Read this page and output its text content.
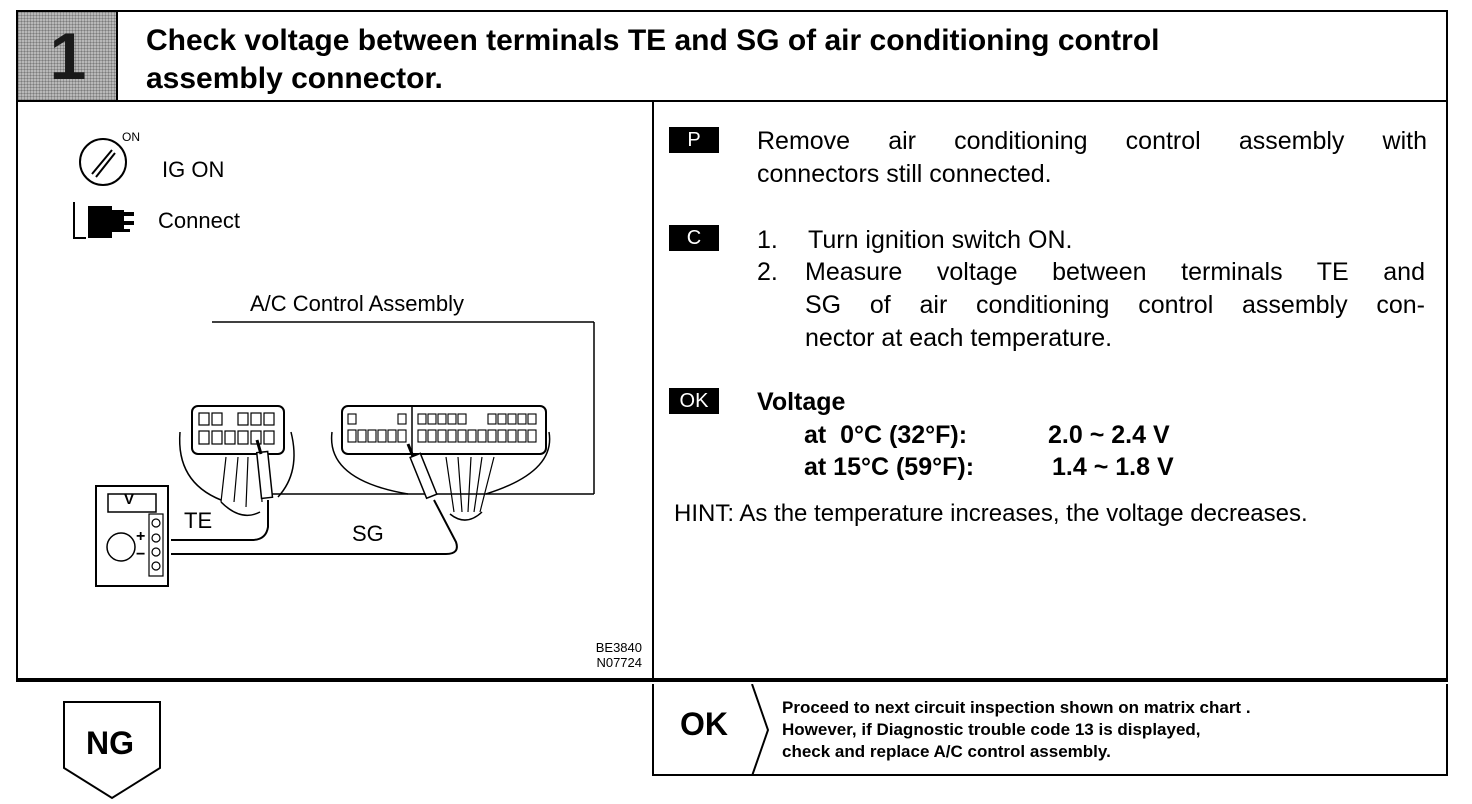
1	Check voltage between terminals TE and SG of air conditioning control
assembly connector.
ON
IG ON
Connect
A/C Control Assembly
V
+
−
TE
SG
BE3840
N07724
P	Remove air conditioning control assembly with
connectors still connected.
C	1. Turn ignition switch ON.
2. Measure voltage between terminals TE and
SG of air conditioning control assembly con-
nector at each temperature.
OK	Voltage
at  0°C (32°F):	2.0 ~ 2.4 V
at 15°C (59°F):	1.4 ~ 1.8 V
HINT: As the temperature increases, the voltage decreases.
OK	Proceed to next circuit inspection shown on matrix chart .
However, if Diagnostic trouble code 13 is displayed,
check and replace A/C control assembly.
NG
